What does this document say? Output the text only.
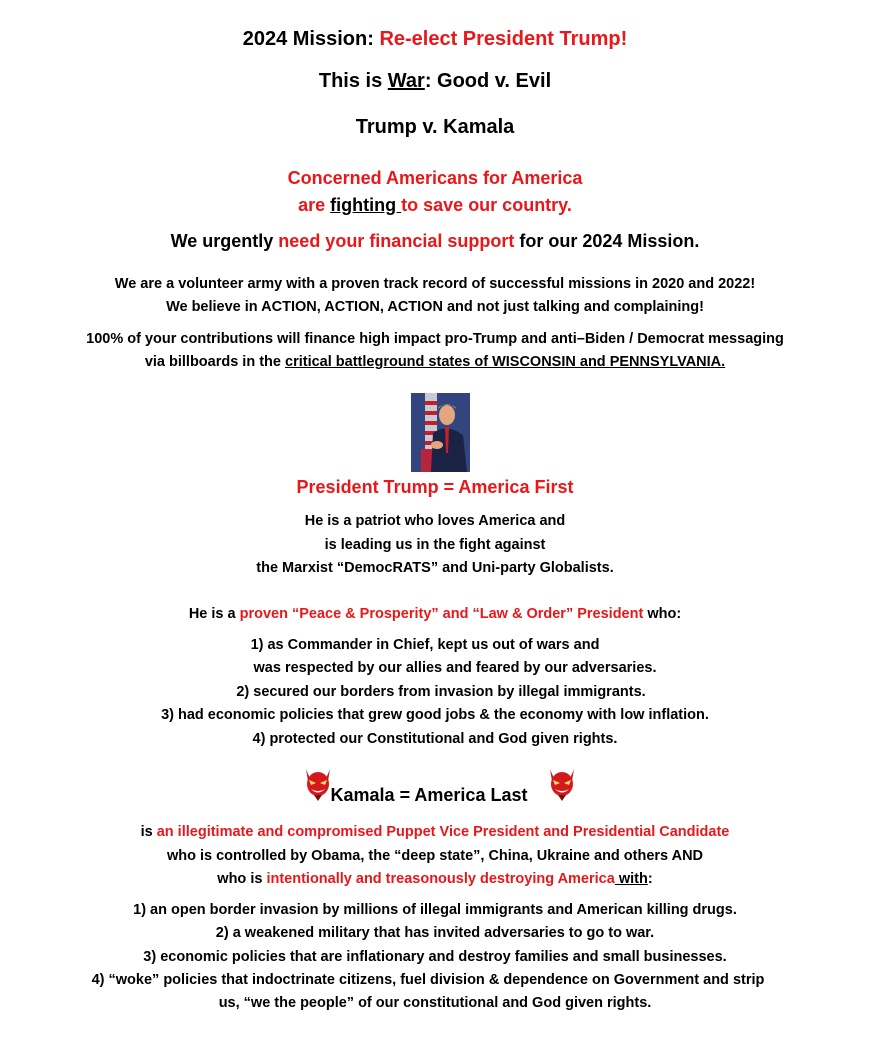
2024 Mission: Re-elect President Trump!
This is War: Good v. Evil
Trump v. Kamala
Concerned Americans for America
are fighting to save our country.
We urgently need your financial support for our 2024 Mission.
We are a volunteer army with a proven track record of successful missions in 2020 and 2022!
We believe in ACTION, ACTION, ACTION and not just talking and complaining!
100% of your contributions will finance high impact pro-Trump and anti–Biden / Democrat messaging
via billboards in the critical battleground states of WISCONSIN and PENNSYLVANIA.
President Trump = America First
He is a patriot who loves America and
is leading us in the fight against
the Marxist “DemocRATS” and Uni-party Globalists.
He is a proven “Peace & Prosperity” and “Law & Order” President who:
1) as Commander in Chief, kept us out of wars and
was respected by our allies and feared by our adversaries.
2) secured our borders from invasion by illegal immigrants.
3) had economic policies that grew good jobs & the economy with low inflation.
4) protected our Constitutional and God given rights.
Kamala = America Last
is an illegitimate and compromised Puppet Vice President and Presidential Candidate
who is controlled by Obama, the “deep state”, China, Ukraine and others AND
who is intentionally and treasonously destroying America with:
1) an open border invasion by millions of illegal immigrants and American killing drugs.
2) a weakened military that has invited adversaries to go to war.
3) economic policies that are inflationary and destroy families and small businesses.
4) “woke” policies that indoctrinate citizens, fuel division & dependence on Government and strip
us, “we the people” of our constitutional and God given rights.
